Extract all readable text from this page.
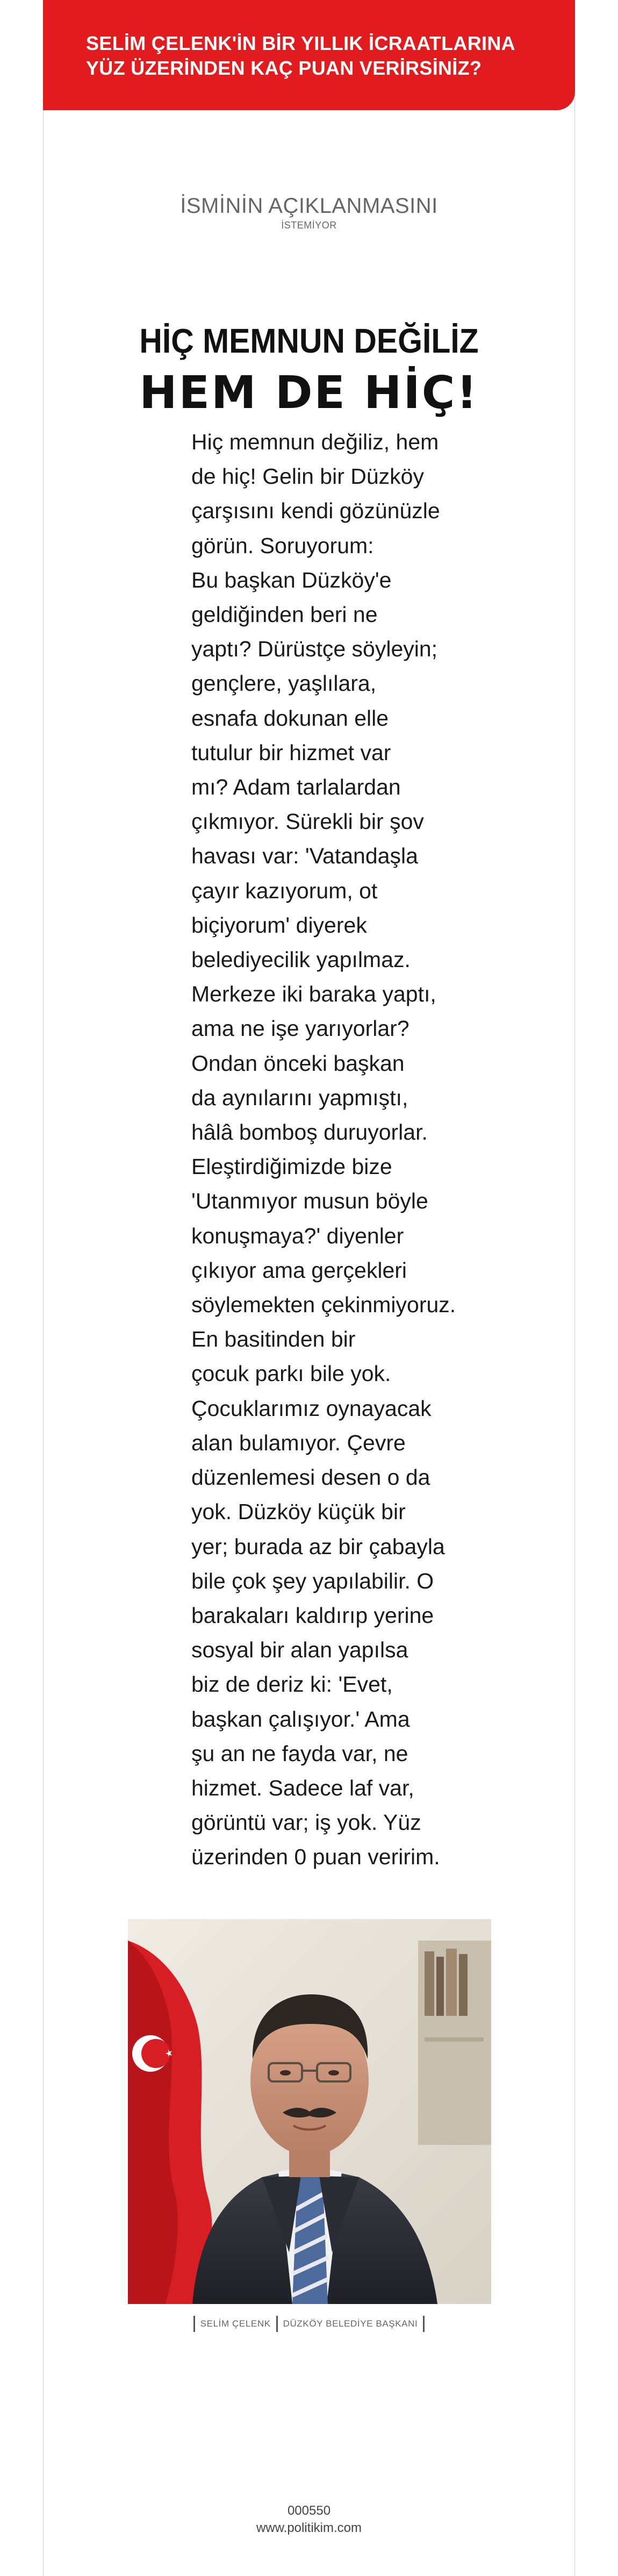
SELİM ÇELENK'İN BİR YILLIK İCRAATLARINA
YÜZ ÜZERİNDEN KAÇ PUAN VERİRSİNİZ?
İSMİNİN AÇIKLANMASINI
İSTEMİYOR
HİÇ MEMNUN DEĞİLİZ
HEM DE HİÇ!
Hiç memnun değiliz, hem
de hiç! Gelin bir Düzköy
çarşısını kendi gözünüzle
görün. Soruyorum:
Bu başkan Düzköy'e
geldiğinden beri ne
yaptı? Dürüstçe söyleyin;
gençlere, yaşlılara,
esnafa dokunan elle
tutulur bir hizmet var
mı? Adam tarlalardan
çıkmıyor. Sürekli bir şov
havası var: 'Vatandaşla
çayır kazıyorum, ot
biçiyorum' diyerek
belediyecilik yapılmaz.
Merkeze iki baraka yaptı,
ama ne işe yarıyorlar?
Ondan önceki başkan
da aynılarını yapmıştı,
hâlâ bomboş duruyorlar.
Eleştirdiğimizde bize
'Utanmıyor musun böyle
konuşmaya?' diyenler
çıkıyor ama gerçekleri
söylemekten çekinmiyoruz.
En basitinden bir
çocuk parkı bile yok.
Çocuklarımız oynayacak
alan bulamıyor. Çevre
düzenlemesi desen o da
yok. Düzköy küçük bir
yer; burada az bir çabayla
bile çok şey yapılabilir. O
barakaları kaldırıp yerine
sosyal bir alan yapılsa
biz de deriz ki: 'Evet,
başkan çalışıyor.' Ama
şu an ne fayda var, ne
hizmet. Sadece laf var,
görüntü var; iş yok. Yüz
üzerinden 0 puan veririm.
SELİM ÇELENK DÜZKÖY BELEDİYE BAŞKANI
000550
www.politikim.com
